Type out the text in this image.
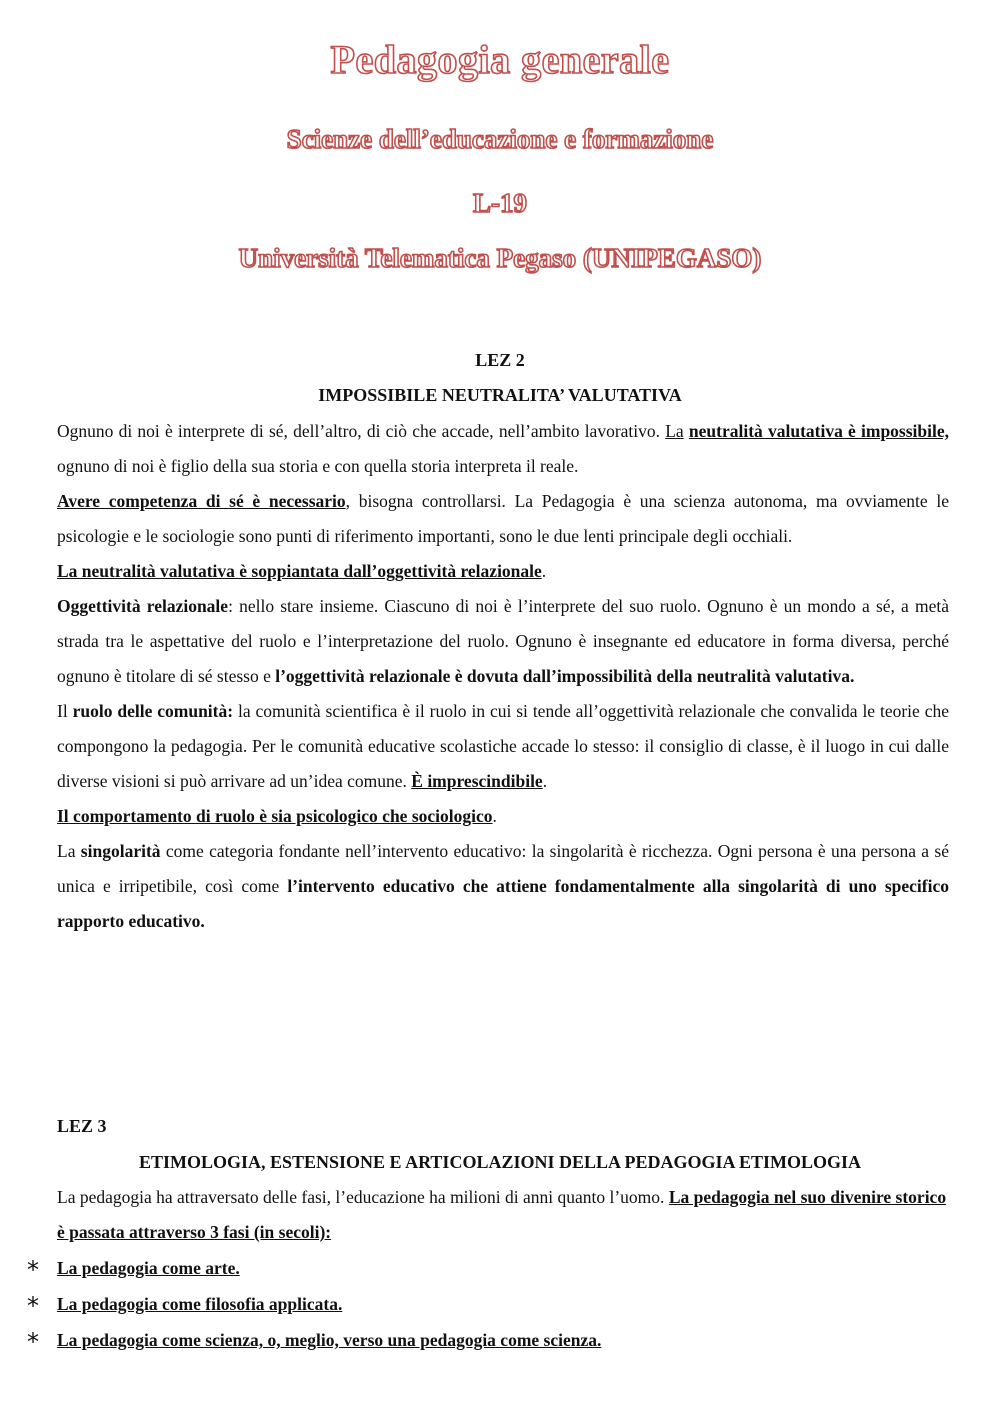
Pedagogia generale
Scienze dell’educazione e formazione
L-19
Università Telematica Pegaso (UNIPEGASO)
LEZ 2
IMPOSSIBILE NEUTRALITA’ VALUTATIVA

Ognuno di noi è interprete di sé, dell’altro, di ciò che accade, nell’ambito lavorativo. La neutralità valutativa è impossibile, ognuno di noi è figlio della sua storia e con quella storia interpreta il reale.

Avere competenza di sé è necessario, bisogna controllarsi. La Pedagogia è una scienza autonoma, ma ovviamente le psicologie e le sociologie sono punti di riferimento importanti, sono le due lenti principale degli occhiali.

La neutralità valutativa è soppiantata dall’oggettività relazionale.

Oggettività relazionale: nello stare insieme. Ciascuno di noi è l’interprete del suo ruolo. Ognuno è un mondo a sé, a metà strada tra le aspettative del ruolo e l’interpretazione del ruolo. Ognuno è insegnante ed educatore in forma diversa, perché ognuno è titolare di sé stesso e l’oggettività relazionale è dovuta dall’impossibilità della neutralità valutativa.

Il ruolo delle comunità: la comunità scientifica è il ruolo in cui si tende all’oggettività relazionale che convalida le teorie che compongono la pedagogia. Per le comunità educative scolastiche accade lo stesso: il consiglio di classe, è il luogo in cui dalle diverse visioni si può arrivare ad un’idea comune. È imprescindibile.

Il comportamento di ruolo è sia psicologico che sociologico.

La singolarità come categoria fondante nell’intervento educativo: la singolarità è ricchezza. Ogni persona è una persona a sé unica e irripetibile, così come l’intervento educativo che attiene fondamentalmente alla singolarità di uno specifico rapporto educativo.

LEZ 3
ETIMOLOGIA, ESTENSIONE E ARTICOLAZIONI DELLA PEDAGOGIA ETIMOLOGIA

La pedagogia ha attraversato delle fasi, l’educazione ha milioni di anni quanto l’uomo. La pedagogia nel suo divenire storico è passata attraverso 3 fasi (in secoli):

* La pedagogia come arte.
* La pedagogia come filosofia applicata.
* La pedagogia come scienza, o, meglio, verso una pedagogia come scienza.
